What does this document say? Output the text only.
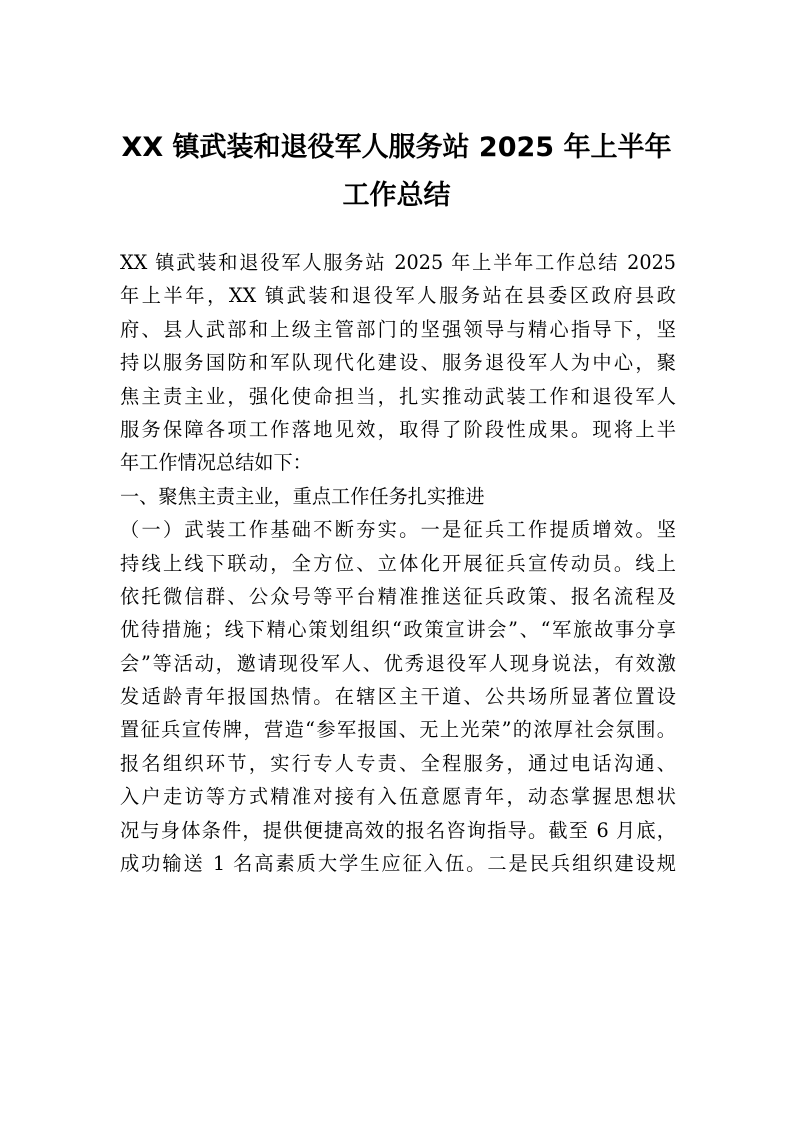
XX 镇武装和退役军人服务站 2025 年上半年
工作总结
XX 镇武装和退役军人服务站 2025 年上半年工作总结 2025
年上半年，XX 镇武装和退役军人服务站在县委区政府县政
府、县人武部和上级主管部门的坚强领导与精心指导下，坚
持以服务国防和军队现代化建设、服务退役军人为中心，聚
焦主责主业，强化使命担当，扎实推动武装工作和退役军人
服务保障各项工作落地见效，取得了阶段性成果。现将上半
年工作情况总结如下：
一、聚焦主责主业，重点工作任务扎实推进
（一）武装工作基础不断夯实。一是征兵工作提质增效。坚
持线上线下联动，全方位、立体化开展征兵宣传动员。线上
依托微信群、公众号等平台精准推送征兵政策、报名流程及
优待措施；线下精心策划组织“政策宣讲会”、“军旅故事分享
会”等活动，邀请现役军人、优秀退役军人现身说法，有效激
发适龄青年报国热情。在辖区主干道、公共场所显著位置设
置征兵宣传牌，营造“参军报国、无上光荣”的浓厚社会氛围。
报名组织环节，实行专人专责、全程服务，通过电话沟通、
入户走访等方式精准对接有入伍意愿青年，动态掌握思想状
况与身体条件，提供便捷高效的报名咨询指导。截至 6 月底，
成功输送 1 名高素质大学生应征入伍。二是民兵组织建设规
